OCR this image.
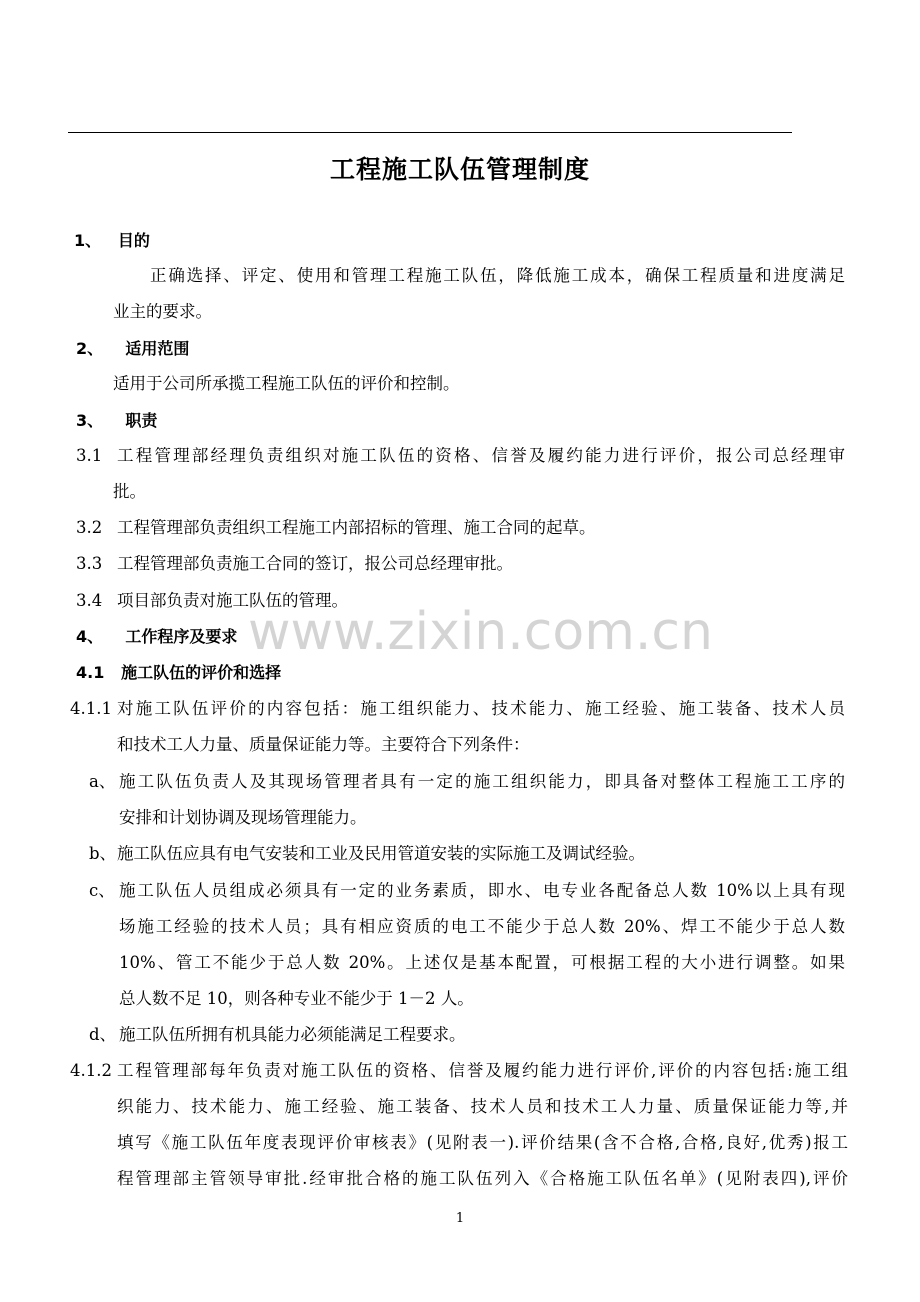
工程施工队伍管理制度
www.zixin.com.cn
1、 目的
正确选择、评定、使用和管理工程施工队伍，降低施工成本，确保工程质量和进度满足
业主的要求。
2、 适用范围
适用于公司所承揽工程施工队伍的评价和控制。
3、 职责
3.1 工程管理部经理负责组织对施工队伍的资格、信誉及履约能力进行评价，报公司总经理审
批。
3.2 工程管理部负责组织工程施工内部招标的管理、施工合同的起草。
3.3 工程管理部负责施工合同的签订，报公司总经理审批。
3.4 项目部负责对施工队伍的管理。
4、 工作程序及要求
4.1 施工队伍的评价和选择
4.1.1 对施工队伍评价的内容包括：施工组织能力、技术能力、施工经验、施工装备、技术人员
和技术工人力量、质量保证能力等。主要符合下列条件：
a、 施工队伍负责人及其现场管理者具有一定的施工组织能力，即具备对整体工程施工工序的
安排和计划协调及现场管理能力。
b、 施工队伍应具有电气安装和工业及民用管道安装的实际施工及调试经验。
c、 施工队伍人员组成必须具有一定的业务素质，即水、电专业各配备总人数 10%以上具有现
场施工经验的技术人员；具有相应资质的电工不能少于总人数 20%、焊工不能少于总人数
10%、管工不能少于总人数 20%。上述仅是基本配置，可根据工程的大小进行调整。如果
总人数不足 10，则各种专业不能少于 1－2 人。
d、 施工队伍所拥有机具能力必须能满足工程要求。
4.1.2 工程管理部每年负责对施工队伍的资格、信誉及履约能力进行评价,评价的内容包括:施工组
织能力、技术能力、施工经验、施工装备、技术人员和技术工人力量、质量保证能力等,并
填写《施工队伍年度表现评价审核表》(见附表一).评价结果(含不合格,合格,良好,优秀)报工
程管理部主管领导审批.经审批合格的施工队伍列入《合格施工队伍名单》(见附表四),评价
1
